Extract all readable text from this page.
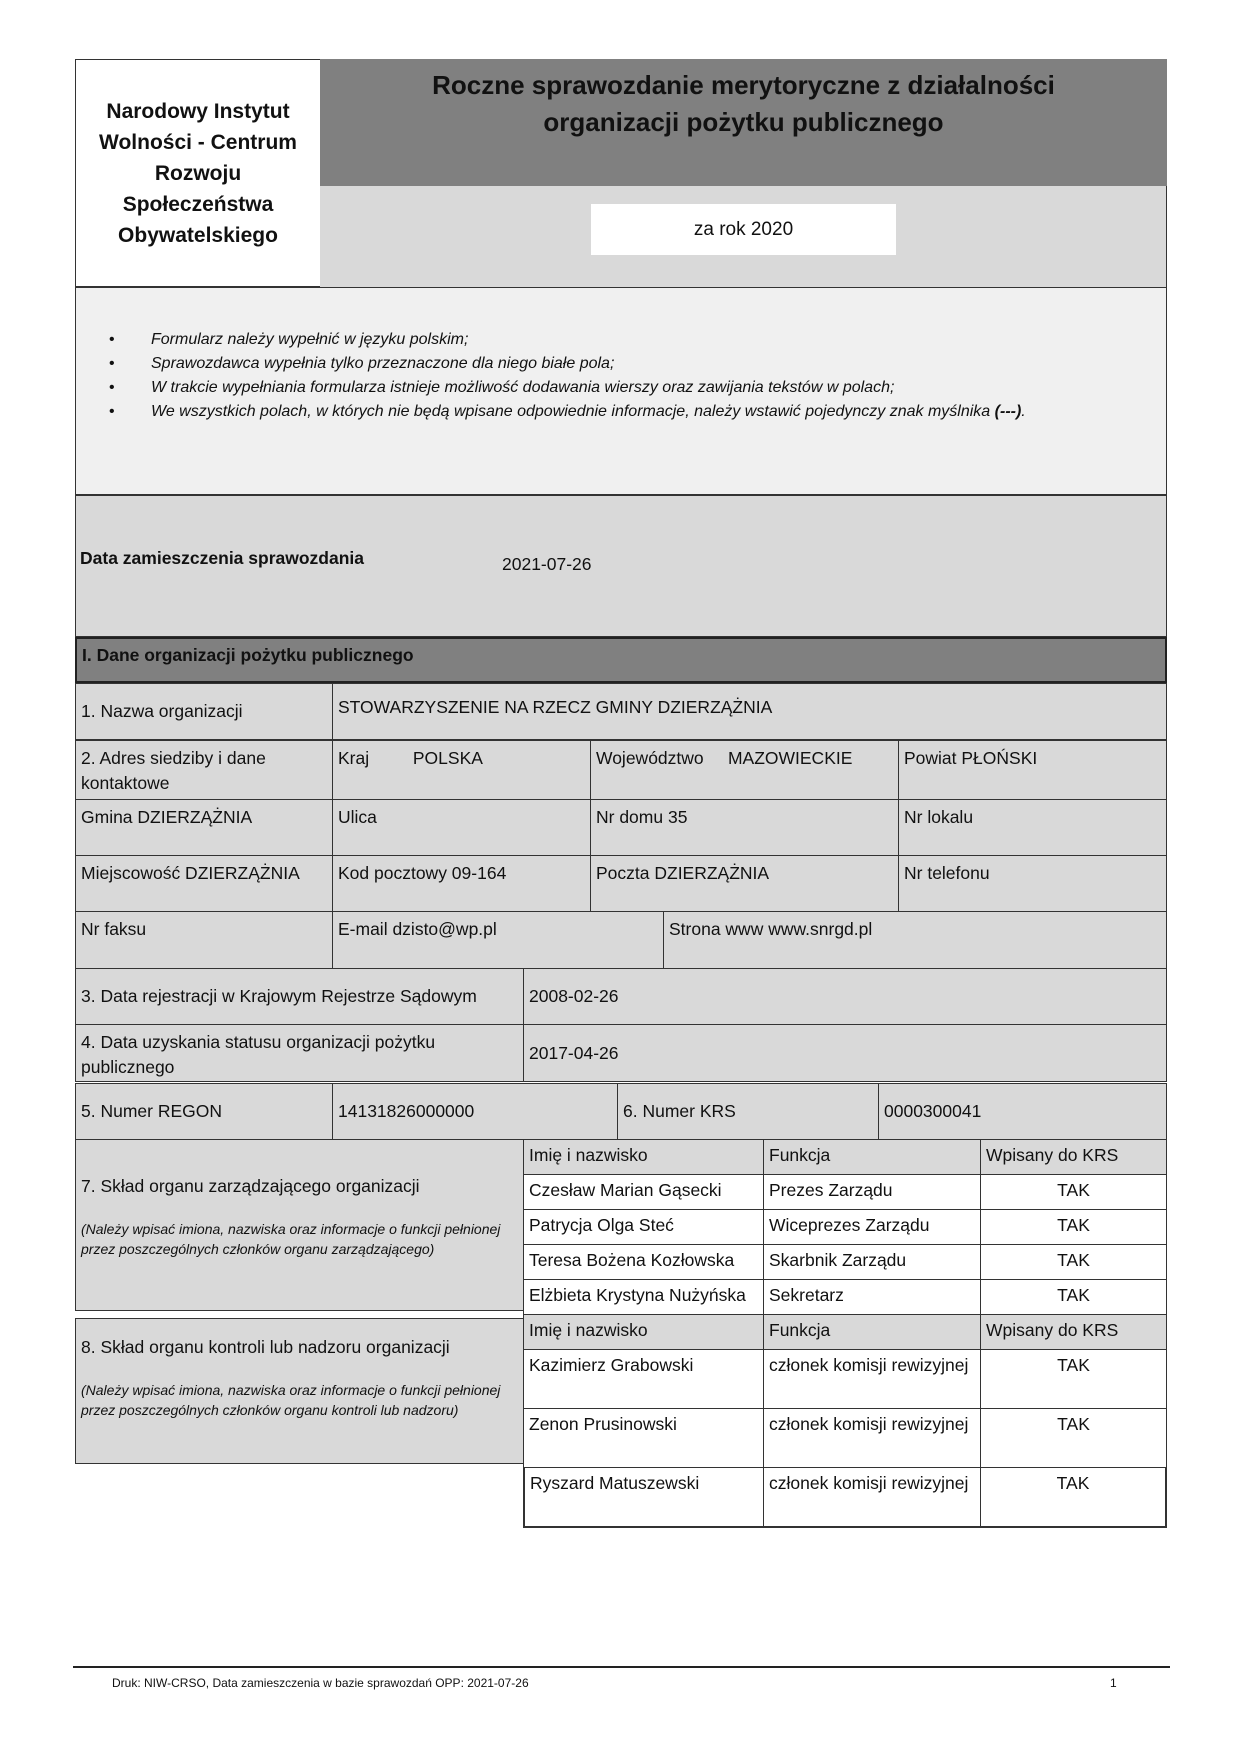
Narodowy Instytut Wolności - Centrum Rozwoju Społeczeństwa Obywatelskiego
Roczne sprawozdanie merytoryczne z działalności
organizacji pożytku publicznego
za rok 2020
• Formularz należy wypełnić w języku polskim;
• Sprawozdawca wypełnia tylko przeznaczone dla niego białe pola;
• W trakcie wypełniania formularza istnieje możliwość dodawania wierszy oraz zawijania tekstów w polach;
• We wszystkich polach, w których nie będą wpisane odpowiednie informacje, należy wstawić pojedynczy znak myślnika (---).
Data zamieszczenia sprawozdania	2021-07-26
I. Dane organizacji pożytku publicznego
1. Nazwa organizacji	STOWARZYSZENIE NA RZECZ GMINY DZIERZĄŻNIA
2. Adres siedziby i dane kontaktowe
Kraj         POLSKA	Województwo     MAZOWIECKIE	Powiat PŁOŃSKI
Gmina DZIERZĄŻNIA	Ulica	Nr domu 35	Nr lokalu
Miejscowość DZIERZĄŻNIA	Kod pocztowy 09-164	Poczta DZIERZĄŻNIA	Nr telefonu
Nr faksu	E-mail dzisto@wp.pl	Strona www www.snrgd.pl
3. Data rejestracji w Krajowym Rejestrze Sądowym	2008-02-26
4. Data uzyskania statusu organizacji pożytku publicznego
2017-04-26
5. Numer REGON	14131826000000	6. Numer KRS	0000300041
7. Skład organu zarządzającego organizacji
(Należy wpisać imiona, nazwiska oraz informacje o funkcji pełnionej przez poszczególnych członków organu zarządzającego)
Imię i nazwisko	Funkcja	Wpisany do KRS
Czesław Marian Gąsecki	Prezes Zarządu	TAK
Patrycja Olga Steć	Wiceprezes Zarządu	TAK
Teresa Bożena Kozłowska	Skarbnik Zarządu	TAK
Elżbieta Krystyna Nużyńska	Sekretarz	TAK
8. Skład organu kontroli lub nadzoru organizacji
(Należy wpisać imiona, nazwiska oraz informacje o funkcji pełnionej przez poszczególnych członków organu kontroli lub nadzoru)
Imię i nazwisko	Funkcja	Wpisany do KRS
Kazimierz Grabowski	członek komisji rewizyjnej	TAK
Zenon Prusinowski	członek komisji rewizyjnej	TAK
Ryszard Matuszewski	członek komisji rewizyjnej	TAK
Druk: NIW-CRSO, Data zamieszczenia w bazie sprawozdań OPP: 2021-07-26	1
